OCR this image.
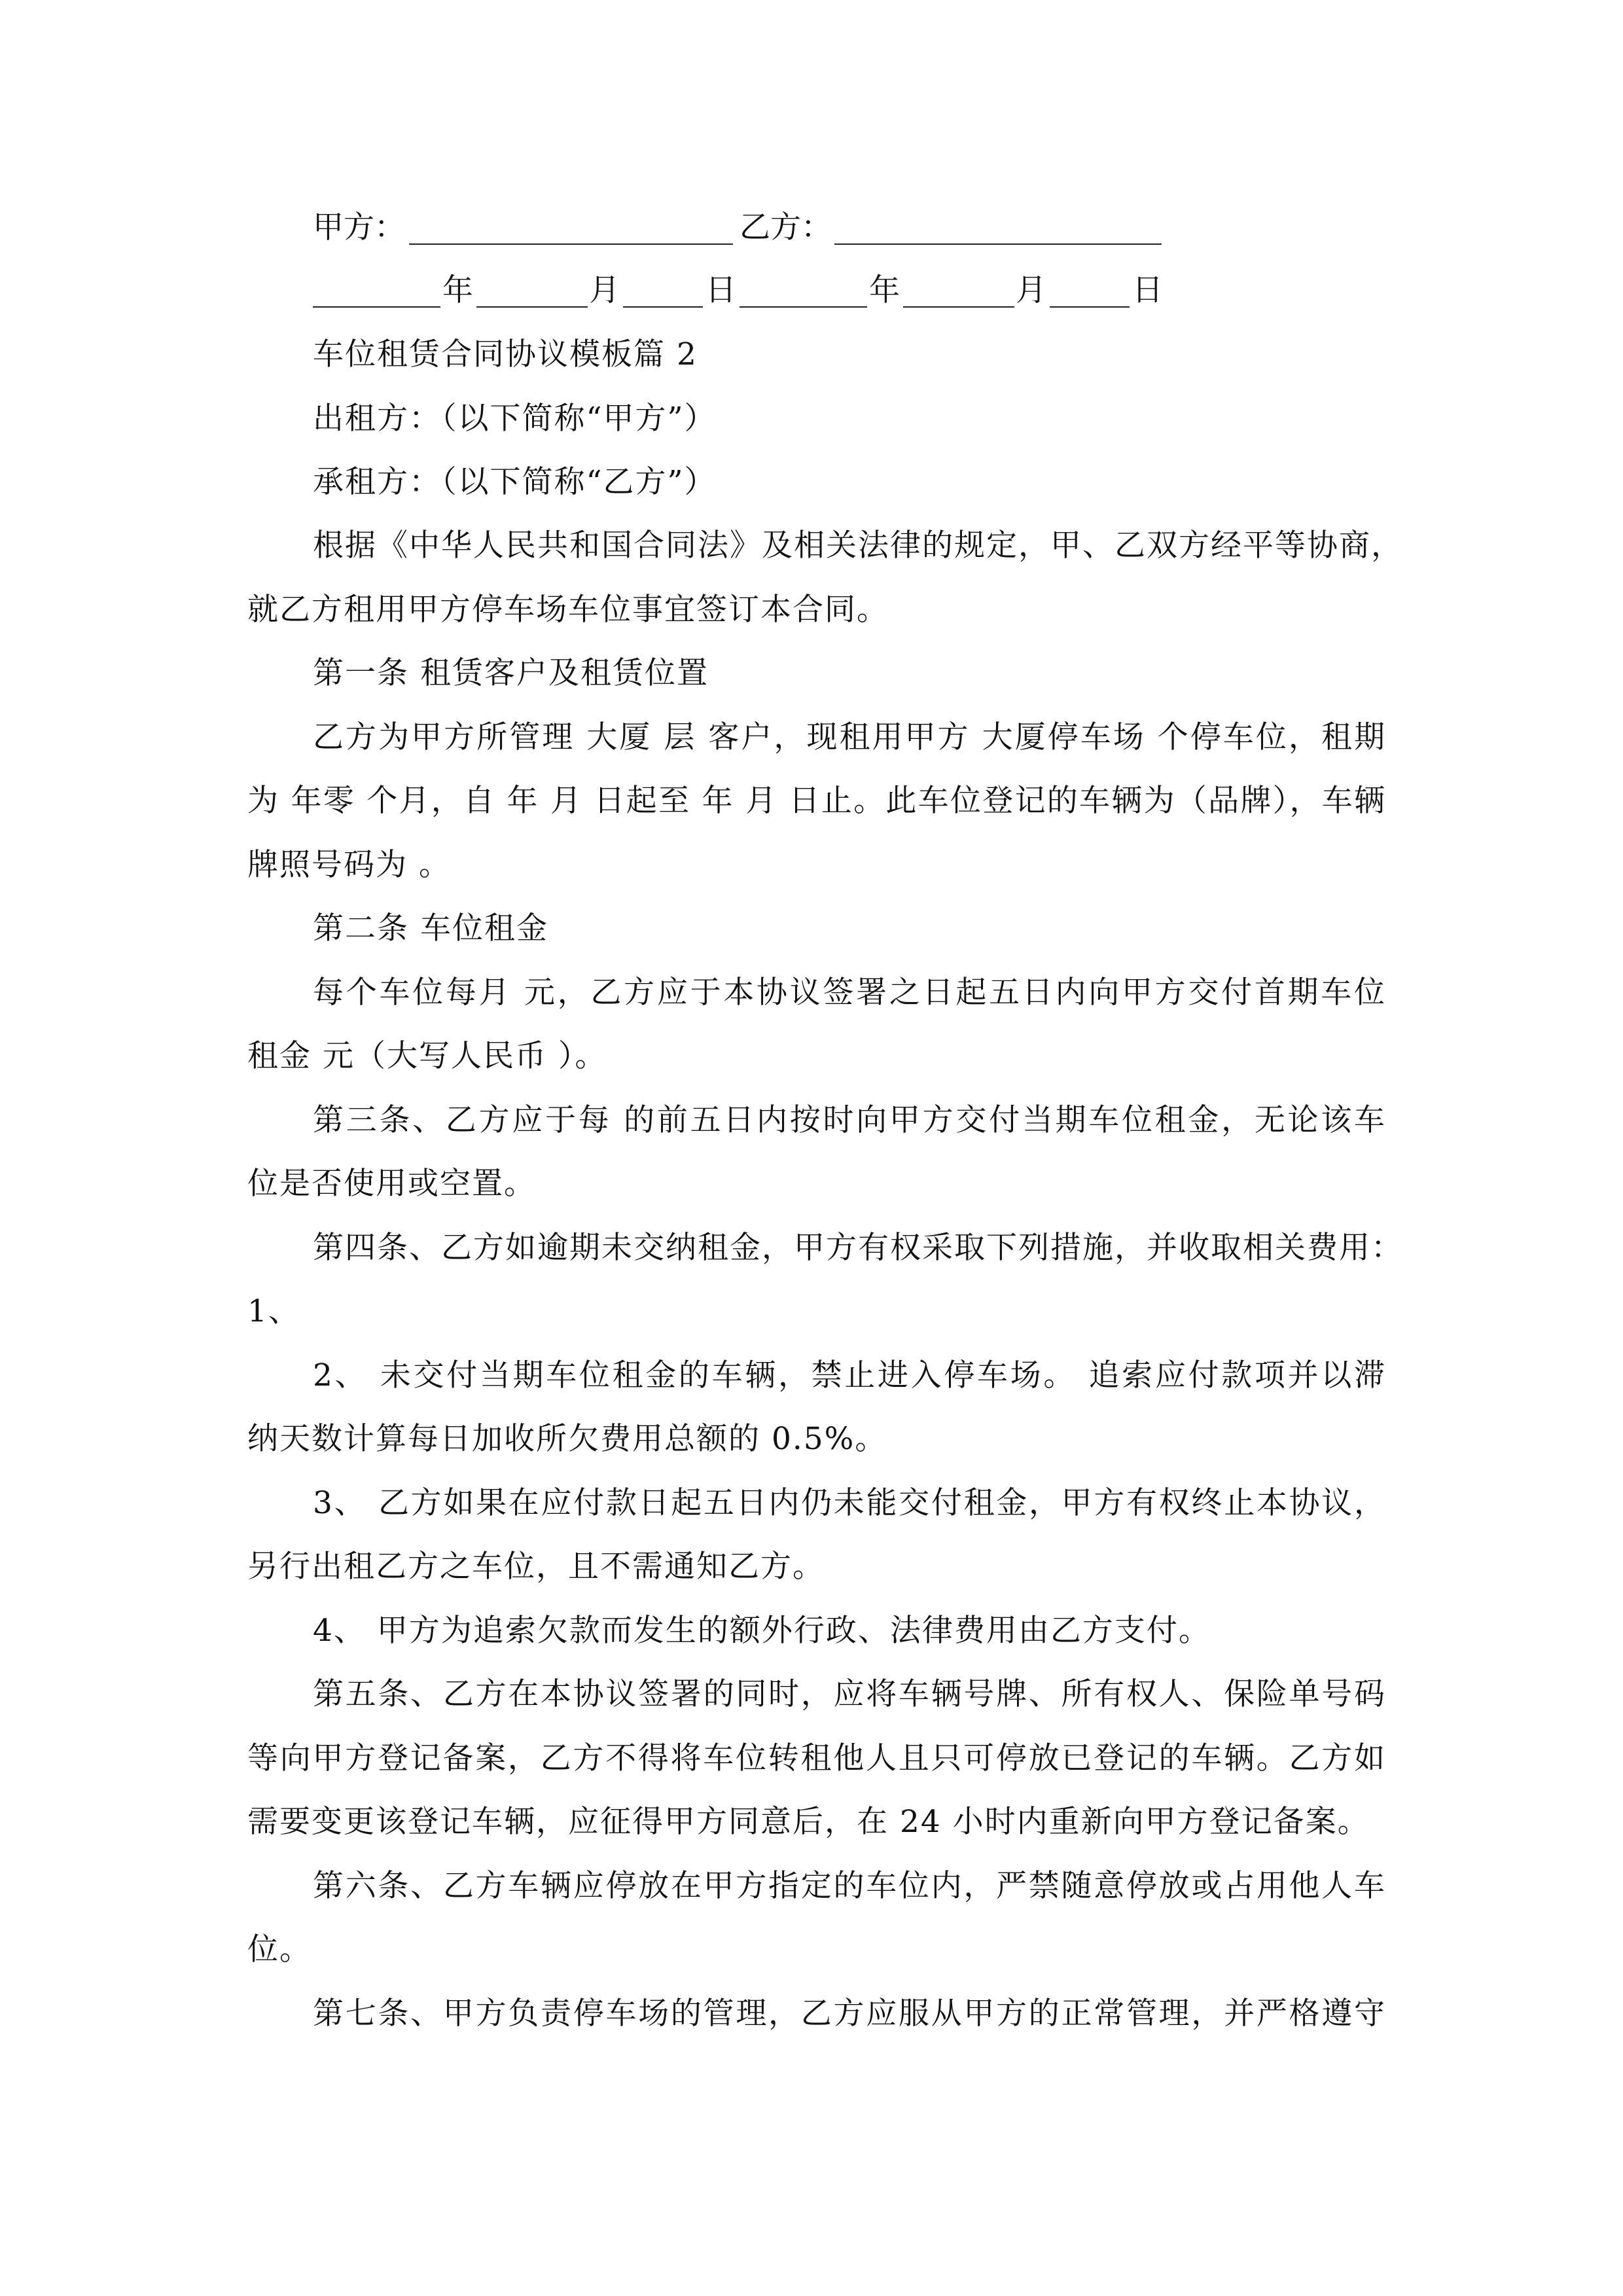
甲方：	乙方：
年	月	日	年	月	日
车位租赁合同协议模板篇 2
出租方：（以下简称“甲方”）
承租方：（以下简称“乙方”）
根据《中华人民共和国合同法》及相关法律的规定，甲、乙双方经平等协商，
就乙方租用甲方停车场车位事宜签订本合同。
第一条 租赁客户及租赁位置
乙方为甲方所管理 大厦 层 客户，现租用甲方 大厦停车场 个停车位，租期
为 年零 个月，自 年 月 日起至 年 月 日止。此车位登记的车辆为（品牌），车辆
牌照号码为 。
第二条 车位租金
每个车位每月 元，乙方应于本协议签署之日起五日内向甲方交付首期车位
租金 元（大写人民币 ）。
第三条、乙方应于每 的前五日内按时向甲方交付当期车位租金，无论该车
位是否使用或空置。
第四条、乙方如逾期未交纳租金，甲方有权采取下列措施，并收取相关费用：
1、
2、 未交付当期车位租金的车辆，禁止进入停车场。 追索应付款项并以滞
纳天数计算每日加收所欠费用总额的 0.5%。
3、 乙方如果在应付款日起五日内仍未能交付租金，甲方有权终止本协议，
另行出租乙方之车位，且不需通知乙方。
4、 甲方为追索欠款而发生的额外行政、法律费用由乙方支付。
第五条、乙方在本协议签署的同时，应将车辆号牌、所有权人、保险单号码
等向甲方登记备案，乙方不得将车位转租他人且只可停放已登记的车辆。乙方如
需要变更该登记车辆，应征得甲方同意后，在 24 小时内重新向甲方登记备案。
第六条、乙方车辆应停放在甲方指定的车位内，严禁随意停放或占用他人车
位。
第七条、甲方负责停车场的管理，乙方应服从甲方的正常管理，并严格遵守
